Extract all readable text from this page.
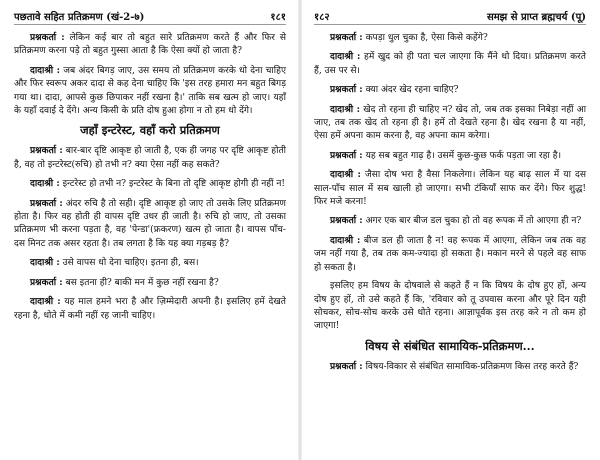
पछतावे सहित प्रतिक्रमण (खं-2-७)	१८१

प्रश्नकर्ता : लेकिन कई बार तो बहुत सारे प्रतिक्रमण करते हैं और फिर से प्रतिक्रमण करना पड़े तो बहुत गुस्सा आता है कि ऐसा क्यों हो जाता है?

दादाश्री : जब अंदर बिगड़ जाए, उस समय तो प्रतिक्रमण करके धो देना चाहिए और फिर स्वरूप अकर दादा से कह देना चाहिए कि 'इस तरह हमारा मन बहुत बिगड़ गया था। दादा, आपसे कुछ छिपाकर नहीं रखना है।' ताकि सब खत्म हो जाए। यहाँ के यहाँ दवाई दे देंगे। अन्य किसी के प्रति दोष हुआ होगा न तो हम धो देंगे।

जहाँ इन्टरेस्ट, वहाँ करो प्रतिक्रमण

प्रश्नकर्ता : बार-बार दृष्टि आकृष्ट हो जाती है, एक ही जगह पर दृष्टि आकृष्ट होती है, वह तो इन्टरेस्ट(रुचि) हो तभी न? क्या ऐसा नहीं कह सकते?

दादाश्री : इन्टरेस्ट हो तभी न? इन्टरेस्ट के बिना तो दृष्टि आकृष्ट होगी ही नहीं न!

प्रश्नकर्ता : अंदर रुचि है तो सही। दृष्टि आकृष्ट हो जाए तो उसके लिए प्रतिक्रमण होता है। फिर वह होती ही वापस दृष्टि उधर ही जाती है। रुचि हो जाए, तो उसका प्रतिक्रमण भी करना पड़ता है, वह 'पेन्डा'(फ्रकरण) खत्म हो जाता है। वापस पाँच-दस मिनट तक असर रहता है। तब लगता है कि यह क्या गड़बड़ है?

दादाश्री : उसे वापस धो देना चाहिए। इतना ही, बस।

प्रश्नकर्ता : बस इतना ही? बाकी मन में कुछ नहीं रखना है?

दादाश्री : यह माल हमने भरा है और ज़िम्मेदारी अपनी है। इसलिए हमें देखते रहना है, धोते में कमी नहीं रह जानी चाहिए।

१८२	समझ से प्राप्त ब्रह्मचर्य (पू)

प्रश्नकर्ता : कपड़ा धुल चुका है, ऐसा किसे कहेंगे?

दादाश्री : हमें खुद को ही पता चल जाएगा कि मैंने धो दिया। प्रतिक्रमण करते हैं, उस पर से।

प्रश्नकर्ता : क्या अंदर खेद रहना चाहिए?

दादाश्री : खेद तो रहना ही चाहिए न? खेद तो, जब तक इसका निबेड़ा नहीं आ जाए, तब तक खेद तो रहना ही है। हमें तो देखते रहना है। खेद रखना है या नहीं, ऐसा हमें अपना काम करना है, वह अपना काम करेगा।

प्रश्नकर्ता : यह सब बहुत गाढ़ है। उसमें कुछ-कुछ फर्क पड़ता जा रहा है।

दादाश्री : जैसा दोष भरा है वैसा निकलेगा। लेकिन यह बाढ़ साल में या दस साल-पाँच साल में सब खाली हो जाएगा। सभी टंकियाँ साफ कर देंगे। फिर शुद्ध! फिर मजे करना!

प्रश्नकर्ता : अगर एक बार बीज डल चुका हो तो वह रूपक में तो आएगा ही न?

दादाश्री : बीज डल ही जाता है न! वह रूपक में आएगा, लेकिन जब तक वह जम नहीं गया है, तब तक कम-ज्यादा हो सकता है। मकान मरने से पहले वह साफ हो सकता है।

इसलिए हम विषय के दोषवाले से कहते हैं न कि विषय के दोष हुए हों, अन्य दोष हुए हों, तो उसे कहते हैं कि, 'रविवार को तू उपवास करना और पूरे दिन यही सोचकर, सोच-सोच करके उसे धोते रहना। आज्ञापूर्वक इस तरह करे न तो कम हो जाएगा!

विषय से संबंधित सामायिक-प्रतिक्रमण...

प्रश्नकर्ता : विषय-विकार से संबंधित सामायिक-प्रतिक्रमण किस तरह करते हैं?
